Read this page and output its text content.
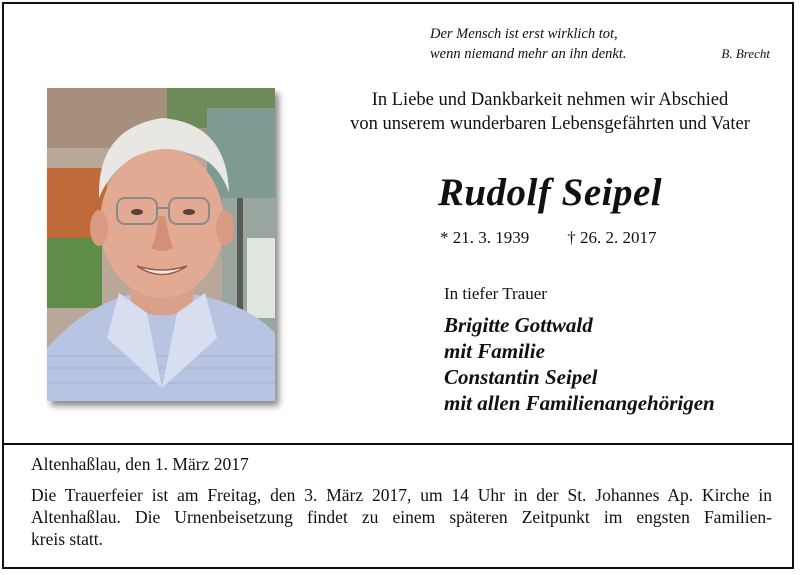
Der Mensch ist erst wirklich tot,
wenn niemand mehr an ihn denkt.	B. Brecht
In Liebe und Dankbarkeit nehmen wir Abschied
von unserem wunderbaren Lebensgefährten und Vater
Rudolf Seipel
* 21. 3. 1939 † 26. 2. 2017
In tiefer Trauer
Brigitte Gottwald
mit Familie
Constantin Seipel
mit allen Familienangehörigen
Altenhaßlau, den 1. März 2017
Die Trauerfeier ist am Freitag, den 3. März 2017, um 14 Uhr in der St. Johannes Ap. Kirche in
Altenhaßlau. Die Urnenbeisetzung findet zu einem späteren Zeitpunkt im engsten Familien-
kreis statt.
